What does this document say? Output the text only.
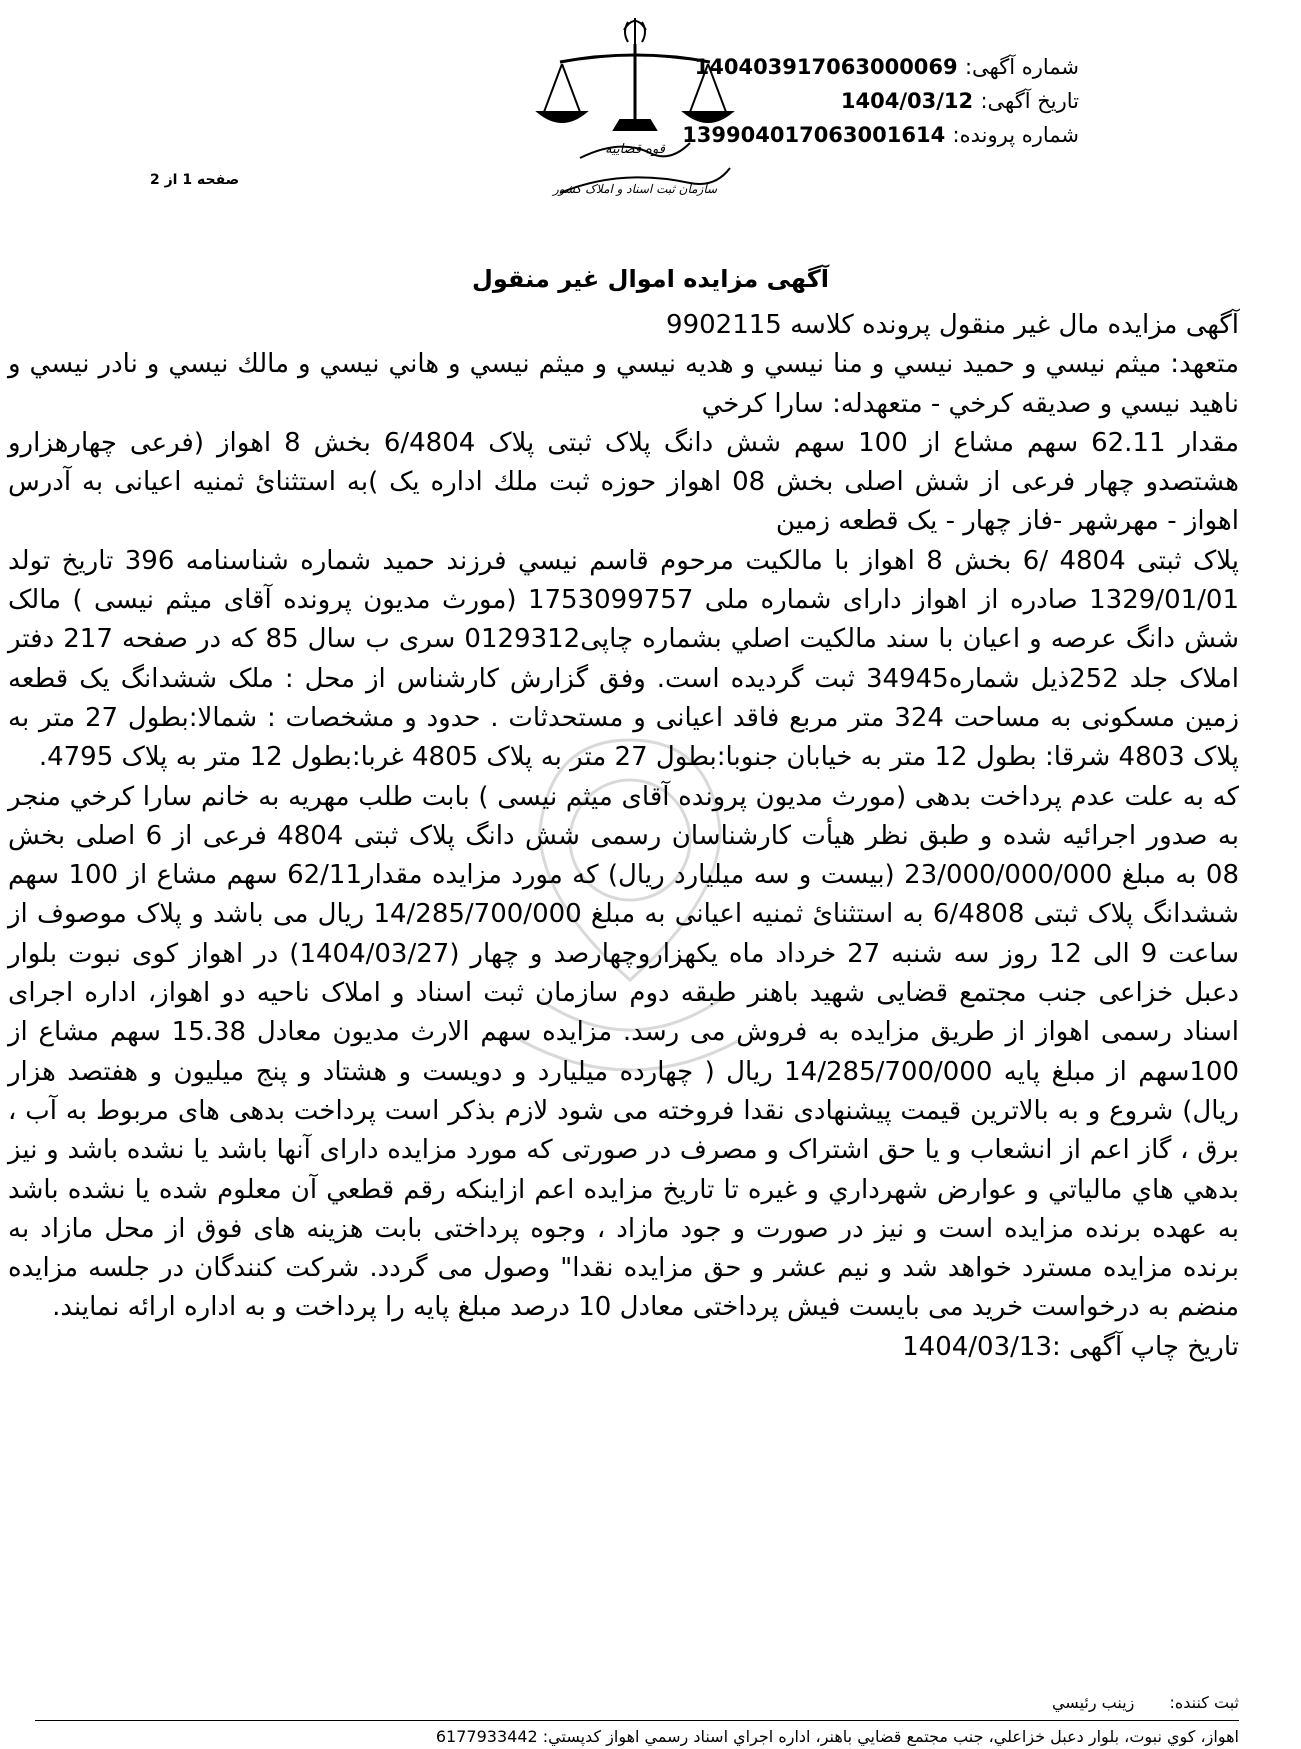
قوه قضاییه
سازمان ثبت اسناد و املاک کشور
شماره آگهی: 140403917063000069
تاریخ آگهی: 1404/03/12
شماره پرونده: 139904017063001614
صفحه 1 از 2
آگهی مزایده اموال غیر منقول

آگهی مزایده مال غیر منقول پرونده کلاسه 9902115

متعهد: میثم نیسي و حمید نیسي و منا نیسي و هدیه نیسي و میثم نیسي و هاني نیسي و مالك نیسي و نادر نیسي و ناهید نیسي و صدیقه کرخي - متعهدله: سارا کرخي

مقدار 62.11 سهم مشاع از 100 سهم شش دانگ پلاک ثبتی پلاک 6/4804 بخش 8 اهواز (فرعی چهارهزارو هشتصدو چهار فرعی از شش اصلی بخش 08 اهواز حوزه ثبت ملك اداره یک )به استثنائ ثمنیه اعیانی به آدرس اهواز - مهرشهر -فاز چهار - یک قطعه زمین

پلاک ثبتی 4804 /6 بخش 8 اهواز با مالکیت مرحوم قاسم نیسي فرزند حمید شماره شناسنامه 396 تاریخ تولد 1329/01/01 صادره از اهواز دارای شماره ملی 1753099757 (مورث مدیون پرونده آقای میثم نیسی ) مالک شش دانگ عرصه و اعیان با سند مالکیت اصلي بشماره چاپی0129312 سری ب سال 85 که در صفحه 217 دفتر املاک جلد 252ذیل شماره34945 ثبت گردیده است. وفق گزارش کارشناس از محل : ملک ششدانگ یک قطعه زمین مسکونی به مساحت 324 متر مربع فاقد اعیانی و مستحدثات . حدود و مشخصات : شمالا:بطول 27 متر به پلاک 4803 شرقا: بطول 12 متر به خیابان جنوبا:بطول 27 متر به پلاک 4805 غربا:بطول 12 متر به پلاک 4795.

که به علت عدم پرداخت بدهی (مورث مدیون پرونده آقای میثم نیسی ) بابت طلب مهریه به خانم سارا کرخي منجر به صدور اجرائیه شده و طبق نظر هیأت کارشناسان رسمی شش دانگ پلاک ثبتی 4804 فرعی از 6 اصلی بخش 08 به مبلغ 23/000/000/000 (بیست و سه میلیارد ریال) که مورد مزایده مقدار62/11 سهم مشاع از 100 سهم ششدانگ پلاک ثبتی 6/4808 به استثنائ ثمنیه اعیانی به مبلغ 14/285/700/000 ریال می باشد و پلاک موصوف از ساعت 9 الی 12 روز سه شنبه 27 خرداد ماه یکهزاروچهارصد و چهار (1404/03/27) در اهواز کوی نبوت بلوار دعبل خزاعی جنب مجتمع قضایی شهید باهنر طبقه دوم سازمان ثبت اسناد و املاک ناحیه دو اهواز، اداره اجرای اسناد رسمی اهواز از طریق مزایده به فروش می رسد. مزایده سهم الارث مدیون معادل 15.38 سهم مشاع از 100سهم از مبلغ پایه 14/285/700/000 ریال ( چهارده میلیارد و دویست و هشتاد و پنج میلیون و هفتصد هزار ریال) شروع و به بالاترین قیمت پیشنهادی نقدا فروخته می شود لازم بذکر است پرداخت بدهی های مربوط به آب ، برق ، گاز اعم از انشعاب و یا حق اشتراک و مصرف در صورتی که مورد مزایده دارای آنها باشد یا نشده باشد و نیز بدهي هاي مالیاتي و عوارض شهرداري و غیره تا تاریخ مزایده اعم ازاینکه رقم قطعي آن معلوم شده یا نشده باشد به عهده برنده مزایده است و نیز در صورت و جود مازاد ، وجوه پرداختی بابت هزینه های فوق از محل مازاد به برنده مزایده مسترد خواهد شد و نیم عشر و حق مزایده نقدا" وصول می گردد. شرکت کنندگان در جلسه مزایده منضم به درخواست خرید می بایست فیش پرداختی معادل 10 درصد مبلغ پایه را پرداخت و به اداره ارائه نمایند.

تاریخ چاپ آگهی :1404/03/13

ثبت کننده: زینب رئیسي
اهواز، كوي نبوت، بلوار دعبل خزاعلي، جنب مجتمع قضايي باهنر، اداره اجراي اسناد رسمي اهواز كدپستي: 6177933442
